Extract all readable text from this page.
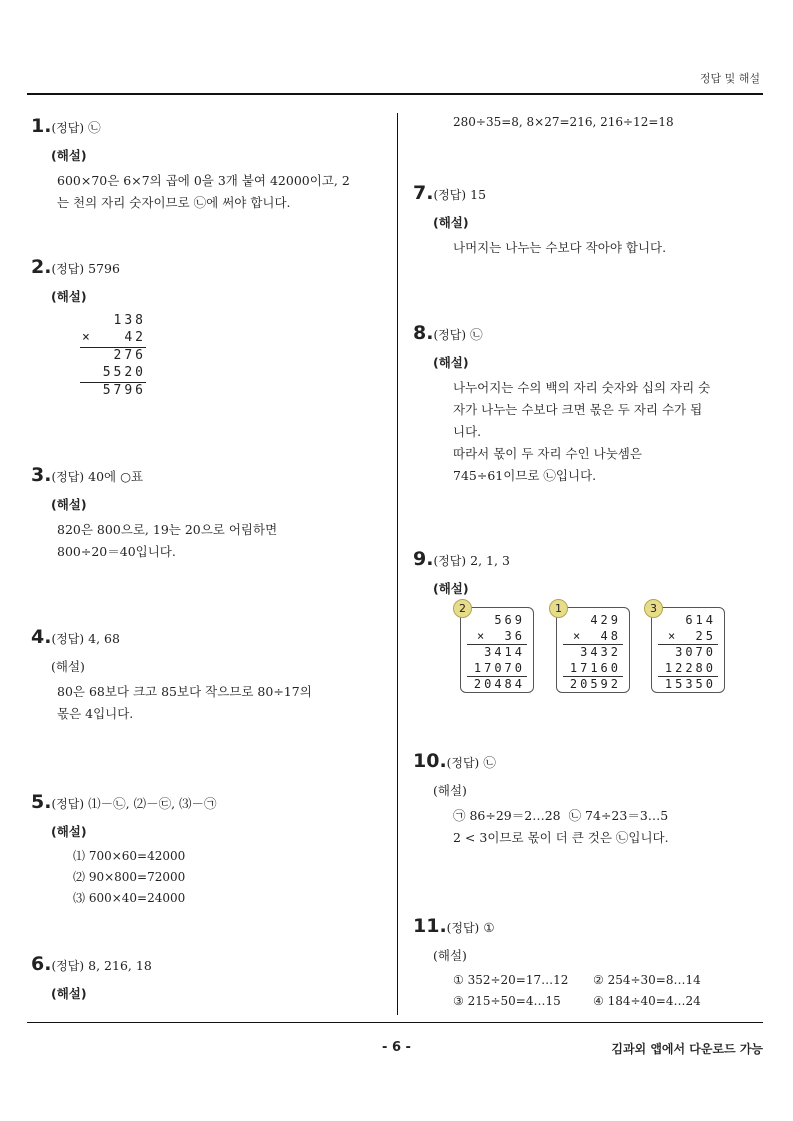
정답 및 해설
1.(정답) ㉡
(해설)
600×70은 6×7의 곱에 0을 3개 붙여 42000이고, 2
는 천의 자리 숫자이므로 ㉡에 써야 합니다.
2.(정답) 5796
(해설)
138
×	42
276
5520
5796
3.(정답) 40에 ○표
(해설)
820은 800으로, 19는 20으로 어림하면
800÷20＝40입니다.
4.(정답) 4, 68
(해설)
80은 68보다 크고 85보다 작으므로 80÷17의
몫은 4입니다.
5.(정답) ⑴－㉡, ⑵－㉢, ⑶－㉠
(해설)
⑴ 700×60=42000
⑵ 90×800=72000
⑶ 600×40=24000
6.(정답) 8, 216, 18
(해설)
280÷35=8, 8×27=216, 216÷12=18
7.(정답) 15
(해설)
나머지는 나누는 수보다 작아야 합니다.
8.(정답) ㉡
(해설)
나누어지는 수의 백의 자리 숫자와 십의 자리 숫
자가 나누는 수보다 크면 몫은 두 자리 수가 됩
니다.
따라서 몫이 두 자리 수인 나눗셈은
745÷61이므로 ㉡입니다.
9.(정답) 2, 1, 3
(해설)
569
× 36
3414
17070
20484
2
429
× 48
3432
17160
20592
1
614
× 25
3070
12280
15350
3
10.(정답) ㉡
(해설)
㉠ 86÷29＝2…28  ㉡ 74÷23＝3…5
2 < 3이므로 몫이 더 큰 것은 ㉡입니다.
11.(정답) ①
(해설)
① 352÷20=17…12	② 254÷30=8…14
③ 215÷50=4…15	④ 184÷40=4…24
- 6 -	김과외 앱에서 다운로드 가능
